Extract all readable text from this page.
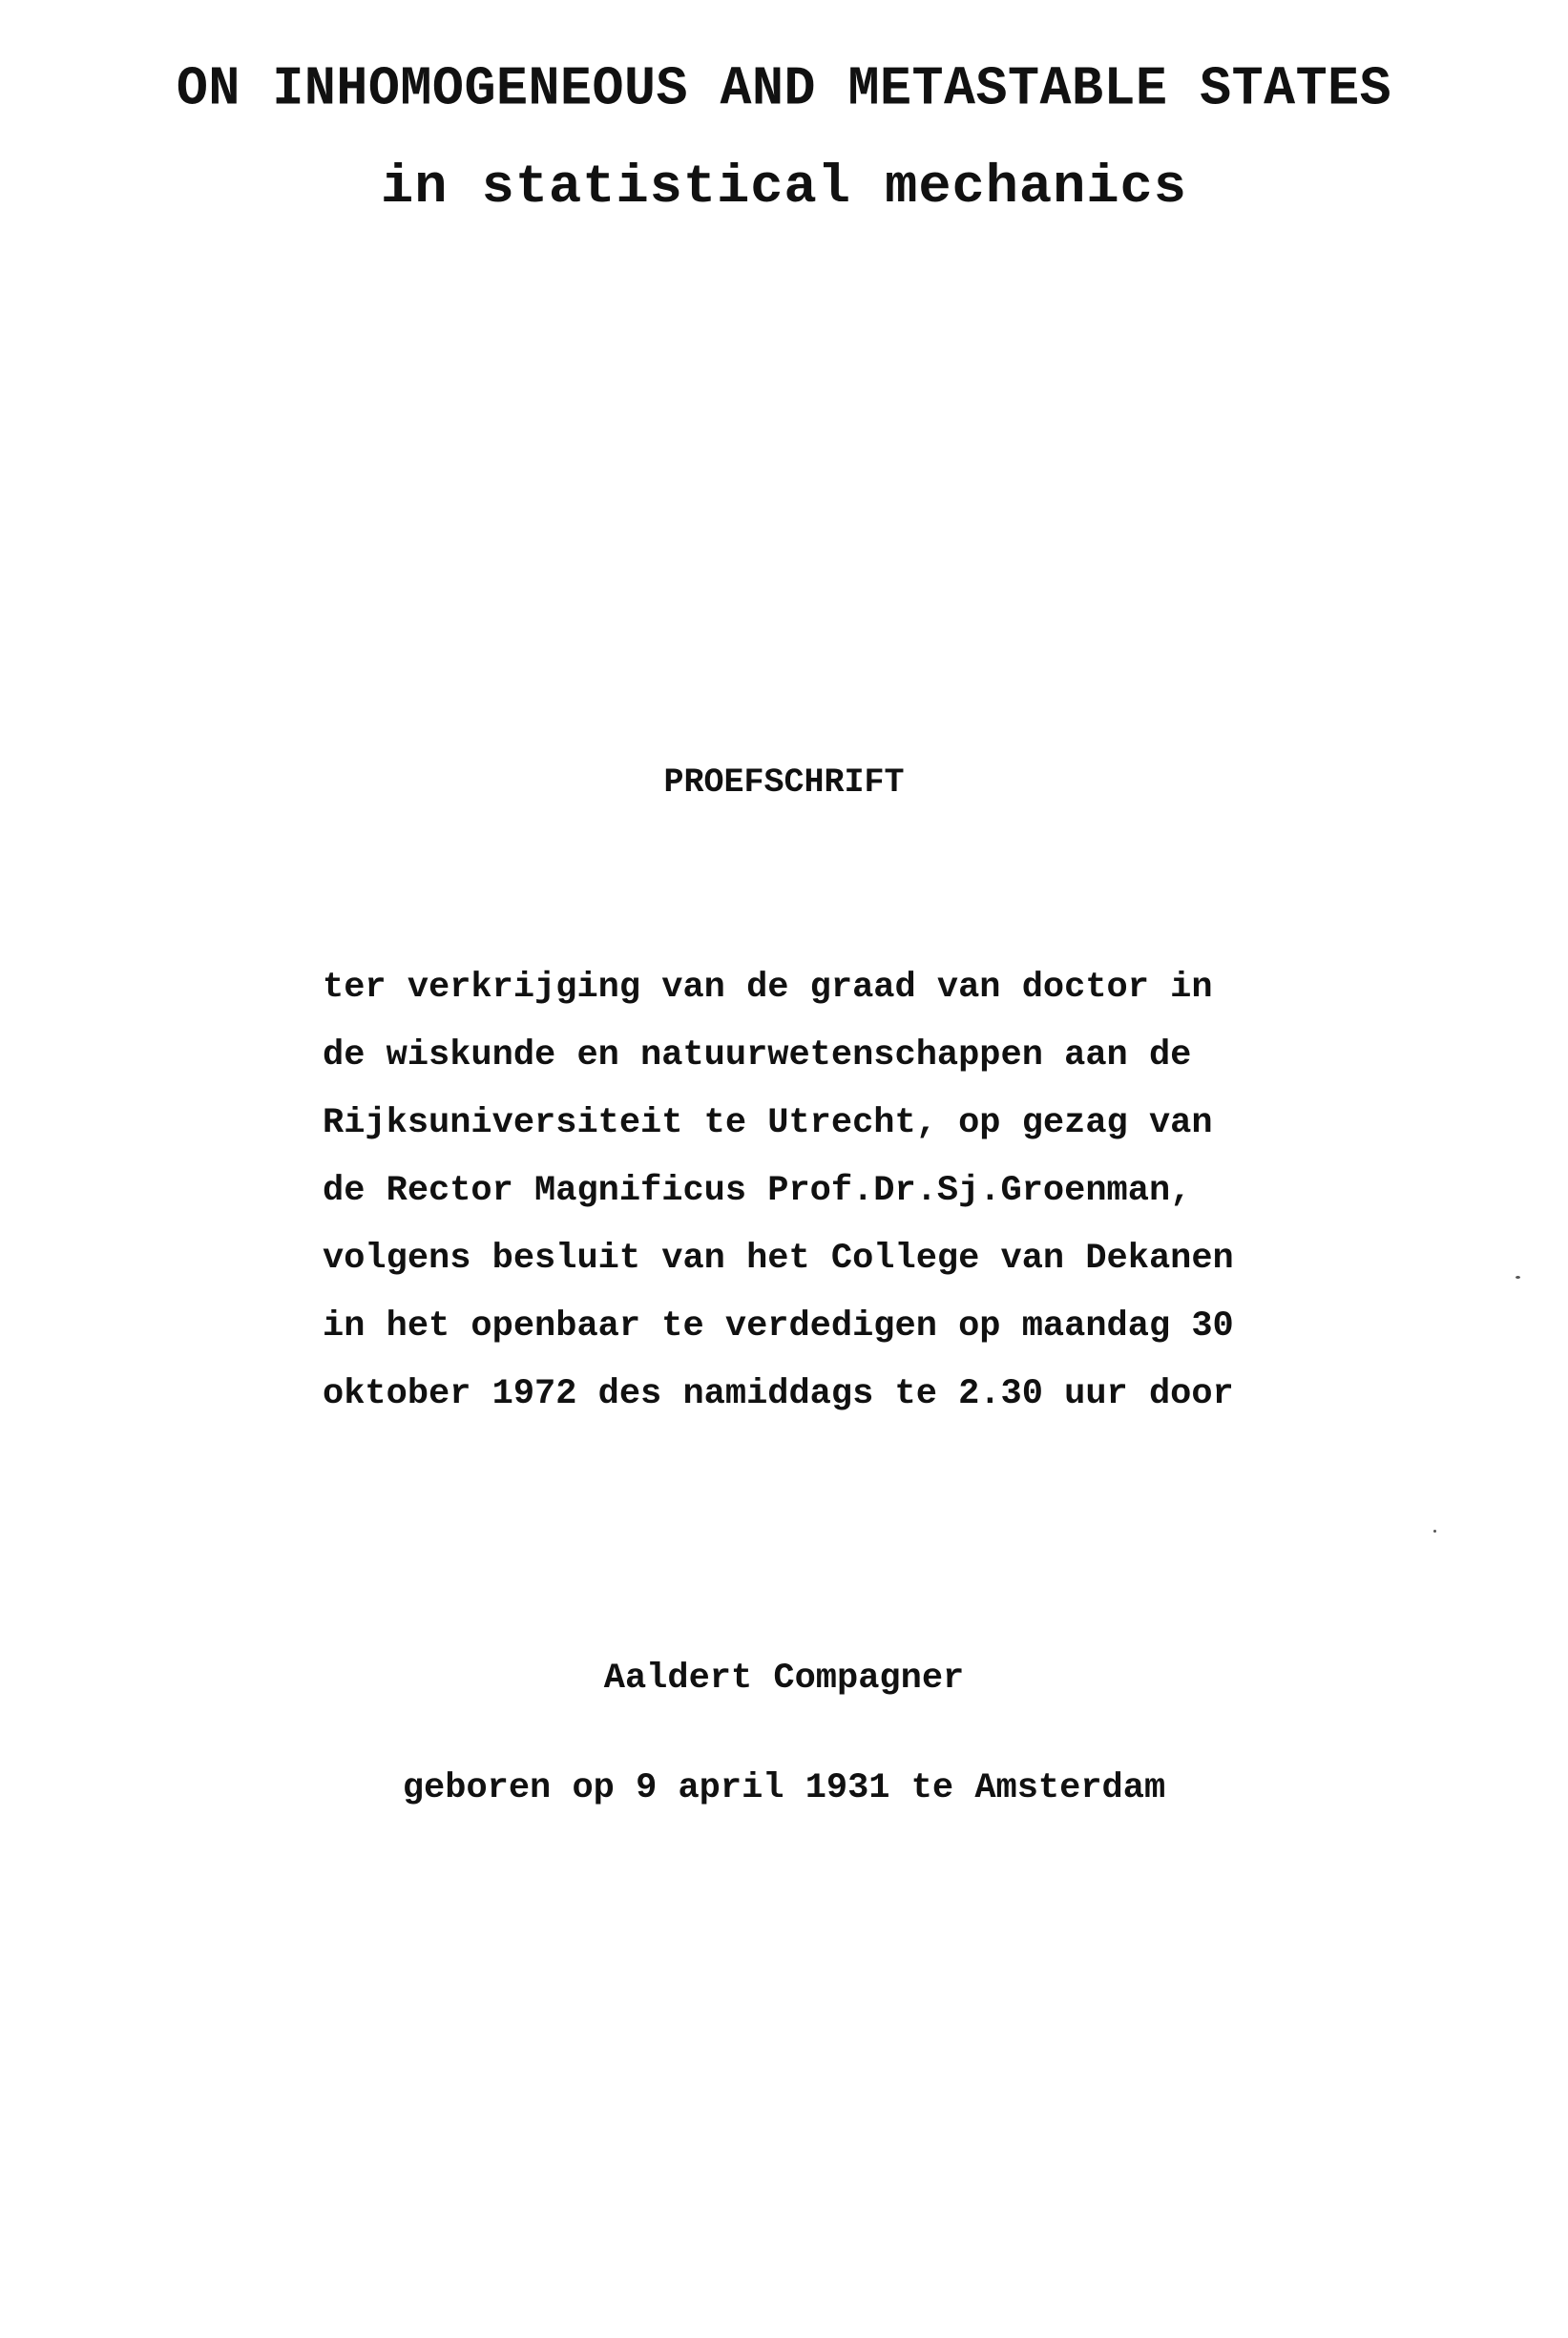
ON INHOMOGENEOUS AND METASTABLE STATES
in statistical mechanics
PROEFSCHRIFT
ter verkrijging van de graad van doctor in
de wiskunde en natuurwetenschappen aan de
Rijksuniversiteit te Utrecht, op gezag van
de Rector Magnificus Prof.Dr.Sj.Groenman,
volgens besluit van het College van Dekanen
in het openbaar te verdedigen op maandag 30
oktober 1972 des namiddags te 2.30 uur door
Aaldert Compagner
geboren op 9 april 1931 te Amsterdam
